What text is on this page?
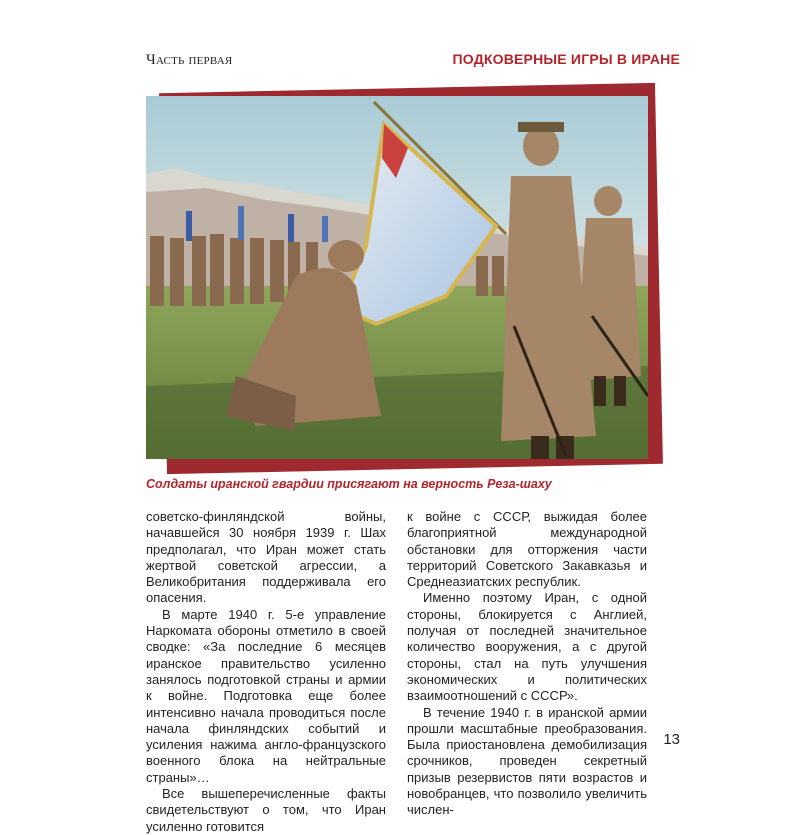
Часть первая	ПОДКОВЕРНЫЕ ИГРЫ В ИРАНЕ
Солдаты иранской гвардии присягают на верность Реза-шаху

советско-финляндской войны, начавшейся 30 ноября 1939 г. Шах предполагал, что Иран может стать жертвой советской агрессии, а Великобритания поддерживала его опасения.

В марте 1940 г. 5-е управление Наркомата обороны отметило в своей сводке: «За последние 6 месяцев иранское правительство усиленно занялось подготовкой страны и армии к войне. Подготовка еще более интенсивно начала проводиться после начала финляндских событий и усиления нажима англо-французского военного блока на нейтральные страны»…

Все вышеперечисленные факты свидетельствуют о том, что Иран усиленно готовится

к войне с СССР, выжидая более благоприятной международной обстановки для отторжения части территорий Советского Закавказья и Среднеазиатских республик.

Именно поэтому Иран, с одной стороны, блокируется с Англией, получая от последней значительное количество вооружения, а с другой стороны, стал на путь улучшения экономических и политических взаимоотношений с СССР».

В течение 1940 г. в иранской армии прошли масштабные преобразования. Была приостановлена демобилизация срочников, проведен секретный призыв резервистов пяти возрастов и новобранцев, что позволило увеличить числен-

13
